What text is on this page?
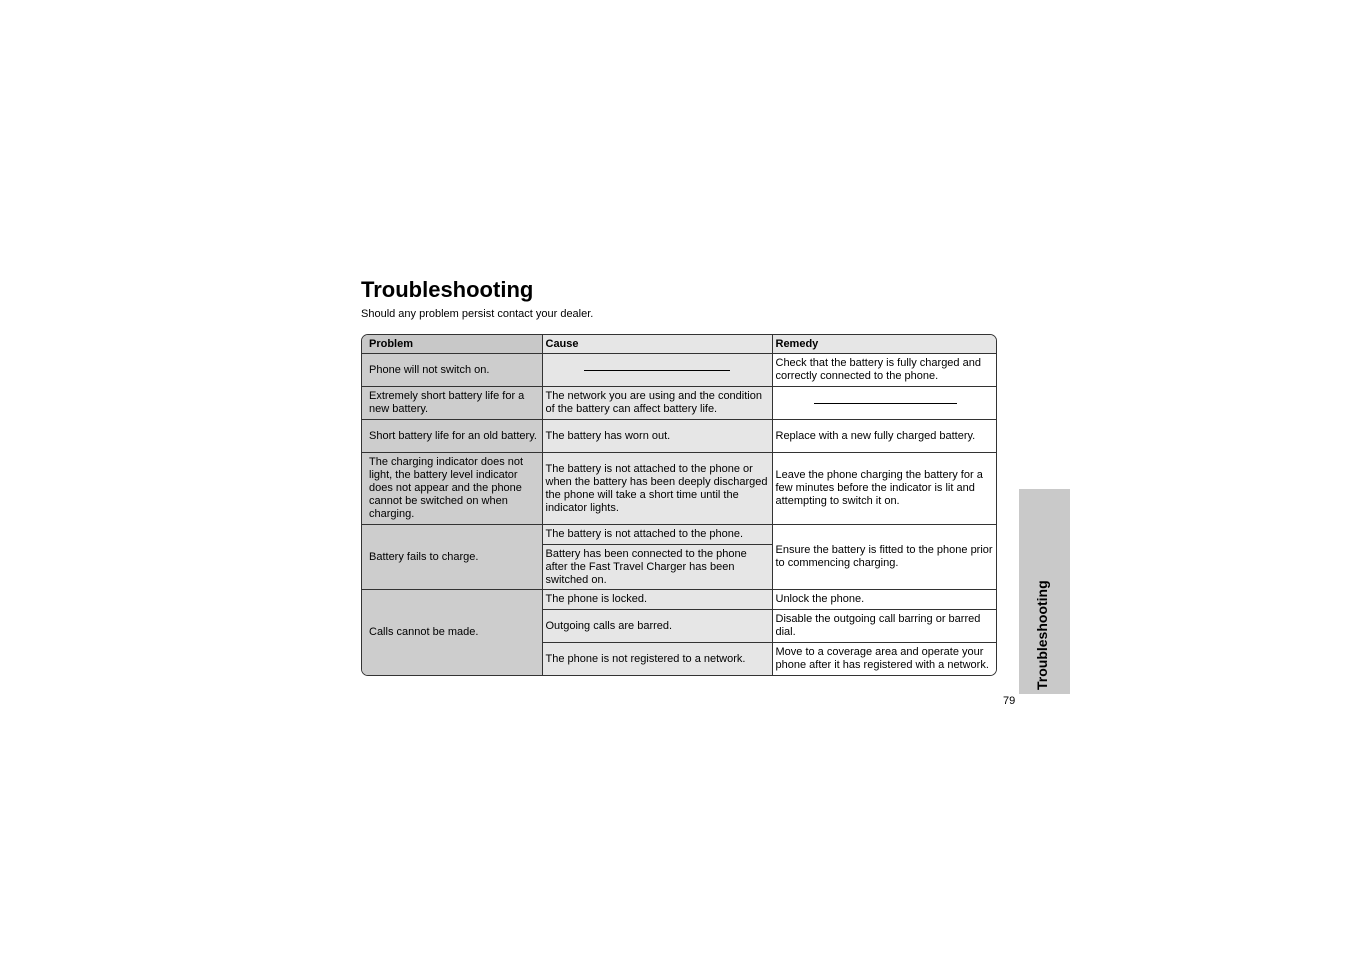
Troubleshooting
Should any problem persist contact your dealer.
Problem	Cause	Remedy
Phone will not switch on.		Check that the battery is fully charged and correctly connected to the phone.
Extremely short battery life for a new battery.	The network you are using and the condition of the battery can affect battery life.	

Short battery life for an old battery.	The battery has worn out.	Replace with a new fully charged battery.
The charging indicator does not light, the battery level indicator does not appear and the phone cannot be switched on when charging.	The battery is not attached to the phone or when the battery has been deeply discharged the phone will take a short time until the indicator lights.	Leave the phone charging the battery for a few minutes before the indicator is lit and attempting to switch it on.
Battery fails to charge.	The battery is not attached to the phone.	Ensure the battery is fitted to the phone prior to commencing charging.
	Battery has been connected to the phone after the Fast Travel Charger has been switched on.	
Calls cannot be made.	The phone is locked.	Unlock the phone.
	Outgoing calls are barred.	Disable the outgoing call barring or barred dial.
	The phone is not registered to a network.	Move to a coverage area and operate your phone after it has registered with a network.	Troubleshooting
79
